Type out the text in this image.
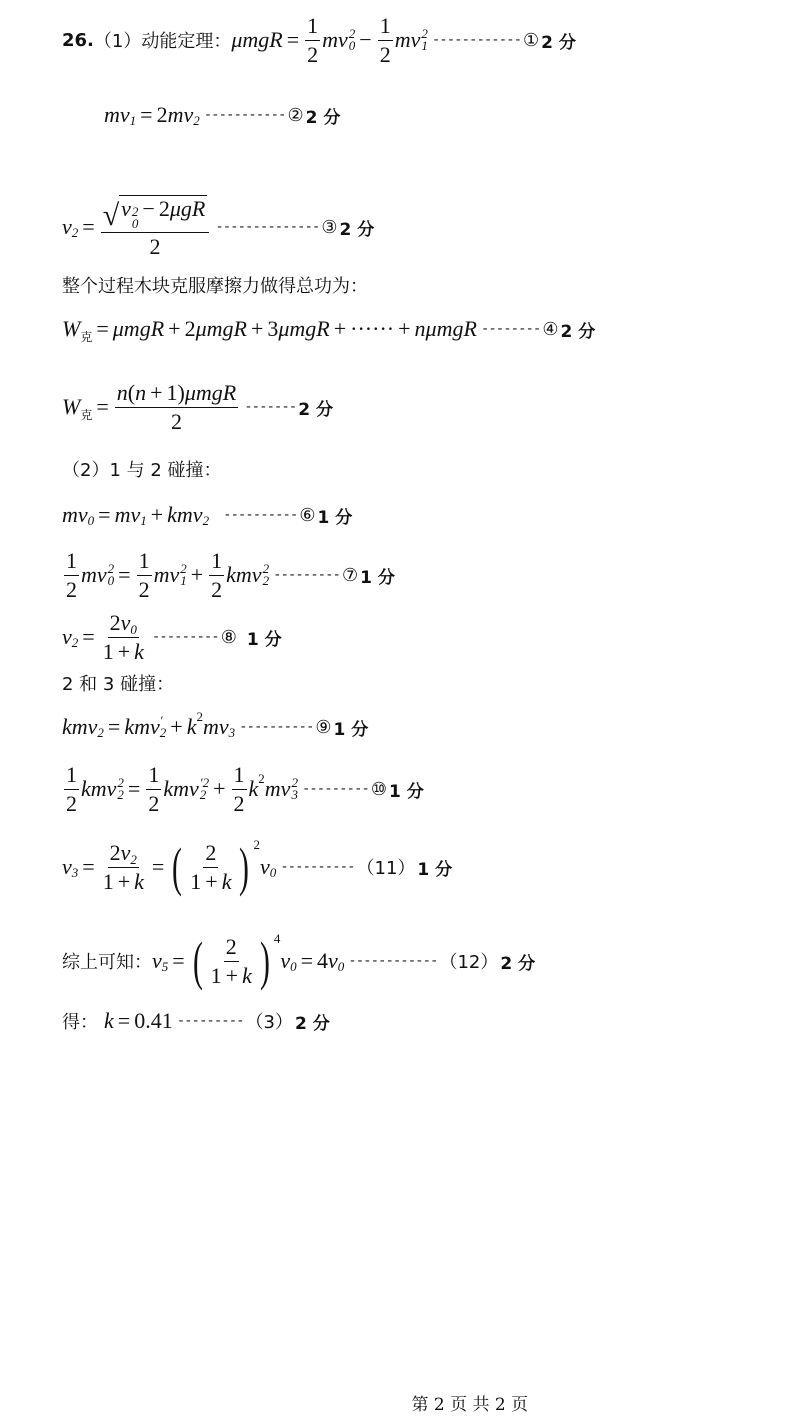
26. （1）动能定理： $\mu mgR = \frac{1}{2}$ mv 2
$0 - \frac{1}{2}$ mv 2
1 ------------ ① 2 分
mv 1 = 2 mv 2 ----------- ② 2 分
v 2 = √ v 2
0
− 2μgR
2 -------------- ③ 2 分
整个过程木块克服摩擦力做得总功为：
W 克 = μmgR + 2 μmgR + 3 μmgR + ······ + nμmgR -------- ④ 2 分
W 克 = $\frac{\text{n(n + 1)μmgR}}{2}$ ------- 2 分
（2）1 与 2 碰撞：
mv 0 = mv 1 + kmv 2 ---------- ⑥ 1 分
$\frac{1}{2}$ mv 2
$0 = \frac{1}{2}$ mv 2
$1 + \frac{1}{2}$ kmv 2
2 --------- ⑦ 1 分
v $2 = \frac{2v0}{1 + k}$ --------- ⑧ 1 分
2 和 3 碰撞：
kmv 2 = kmv ′
2 + k 2 mv 3 ---------- ⑨ 1 分
$\frac{1}{2}$ kmv 2
$2 = \frac{1}{2}$ kmv ′2
$2 + \frac{1}{2}$ k 2 mv 2
3 --------- ⑩ 1 分
v $3 = \frac{2v2}{1 + k}$ = ( $\frac{2}{1 + k}$ ) 2
v 0 ---------- （11） 1 分
综上可知： v 5 = ( $\frac{2}{1 + k}$ ) 4
v 0 = 4 v 0 ------------ （12） 2 分
得： k = 0.41 --------- （3） 2 分
第 2 页 共 2 页
